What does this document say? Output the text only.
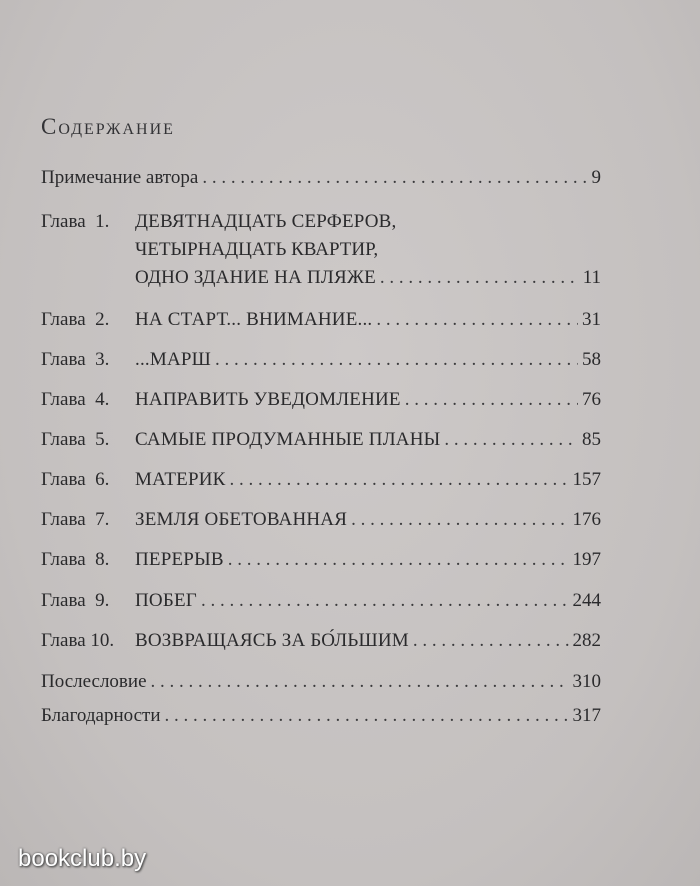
Содержание
Примечание автора . . .	9
Глава 1.	ДЕВЯТНАДЦАТЬ СЕРФЕРОВ,
ЧЕТЫРНАДЦАТЬ КВАРТИР,
ОДНО ЗДАНИЕ НА ПЛЯЖЕ . . .	11
Глава 2.	НА СТАРТ... ВНИМАНИЕ... . . .	31
Глава 3.	...МАРШ . . .	58
Глава 4.	НАПРАВИТЬ УВЕДОМЛЕНИЕ . . .	76
Глава 5.	САМЫЕ ПРОДУМАННЫЕ ПЛАНЫ . . .	85
Глава 6.	МАТЕРИК . . .	157
Глава 7.	ЗЕМЛЯ ОБЕТОВАННАЯ . . .	176
Глава 8.	ПЕРЕРЫВ . . .	197
Глава 9.	ПОБЕГ . . .	244
Глава 10.	ВОЗВРАЩАЯСЬ ЗА БО́ЛЬШИМ . . .	282
Послесловие . . .	310
Благодарности . . .	317
bookclub.by
